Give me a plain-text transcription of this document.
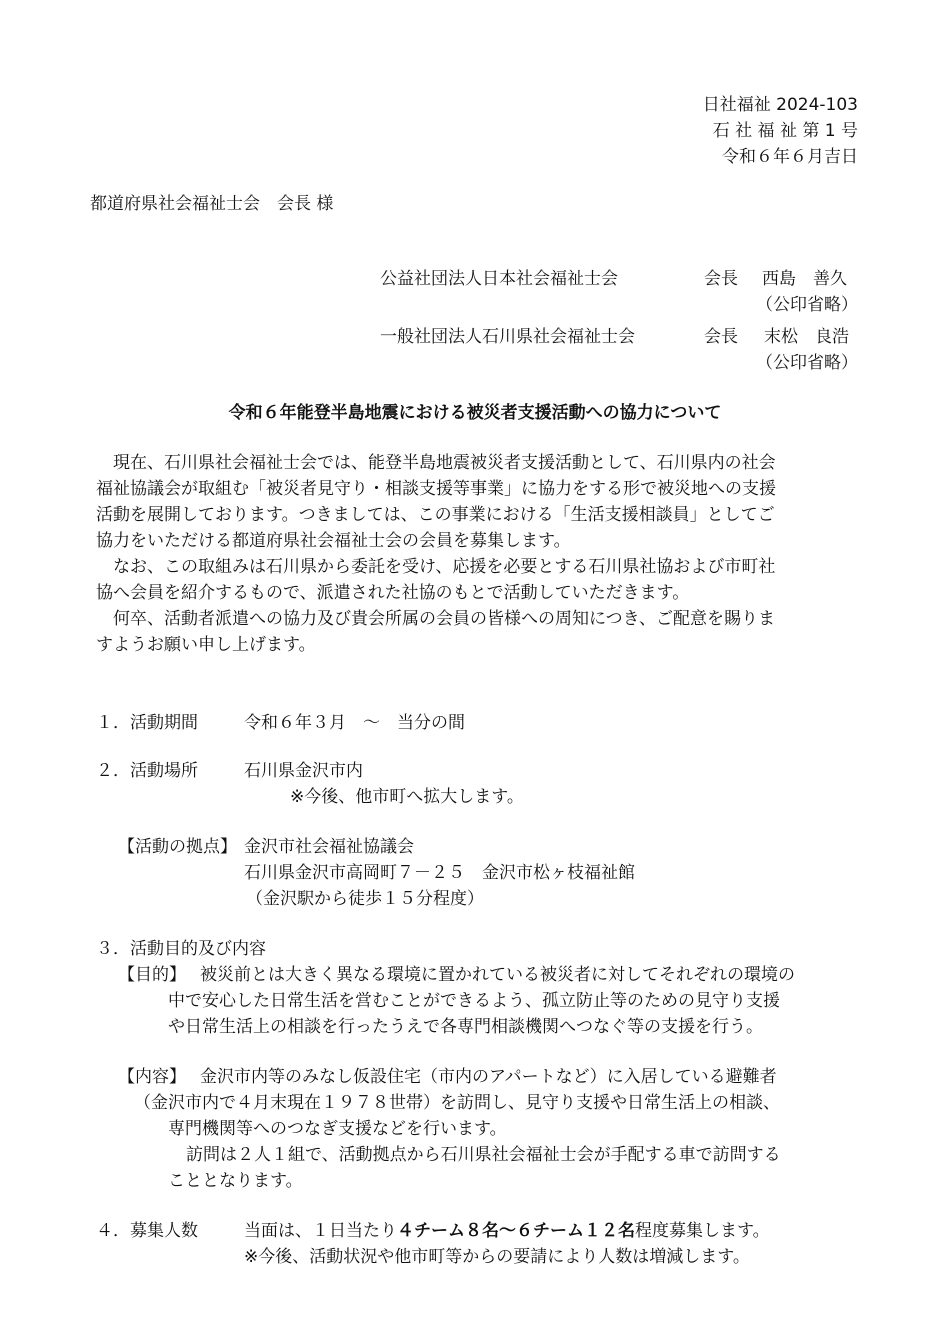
日社福祉 2024-103
石 社 福 祉 第 1 号
令和６年６月吉日
都道府県社会福祉士会　会長 様
公益社団法人日本社会福祉士会	会長 西島　善久
（公印省略）
一般社団法人石川県社会福祉士会	会長 末松　良浩
（公印省略）
令和６年能登半島地震における被災者支援活動への協力について
現在、石川県社会福祉士会では、能登半島地震被災者支援活動として、石川県内の社会
福祉協議会が取組む「被災者見守り・相談支援等事業」に協力をする形で被災地への支援
活動を展開しております。つきましては、この事業における「生活支援相談員」としてご
協力をいただける都道府県社会福祉士会の会員を募集します。
なお、この取組みは石川県から委託を受け、応援を必要とする石川県社協および市町社
協へ会員を紹介するもので、派遣された社協のもとで活動していただきます。
何卒、活動者派遣への協力及び貴会所属の会員の皆様への周知につき、ご配意を賜りま
すようお願い申し上げます。
１． 活動期間	令和６年３月　～　当分の間
２． 活動場所	石川県金沢市内
※今後、他市町へ拡大します。
【活動の拠点】 金沢市社会福祉協議会
石川県金沢市高岡町７－２５　金沢市松ヶ枝福祉館
（金沢駅から徒歩１５分程度）
３． 活動目的及び内容
【目的】 被災前とは大きく異なる環境に置かれている被災者に対してそれぞれの環境の
中で安心した日常生活を営むことができるよう、孤立防止等のための見守り支援
や日常生活上の相談を行ったうえで各専門相談機関へつなぐ等の支援を行う。
【内容】 金沢市内等のみなし仮設住宅（市内のアパートなど）に入居している避難者
（金沢市内で４月末現在１９７８世帯）を訪問し、見守り支援や日常生活上の相談、
専門機関等へのつなぎ支援などを行います。
訪問は２人１組で、活動拠点から石川県社会福祉士会が手配する車で訪問する
こととなります。
４． 募集人数	当面は、１日当たり４チーム８名～６チーム１２名程度募集します。
※今後、活動状況や他市町等からの要請により人数は増減します。
